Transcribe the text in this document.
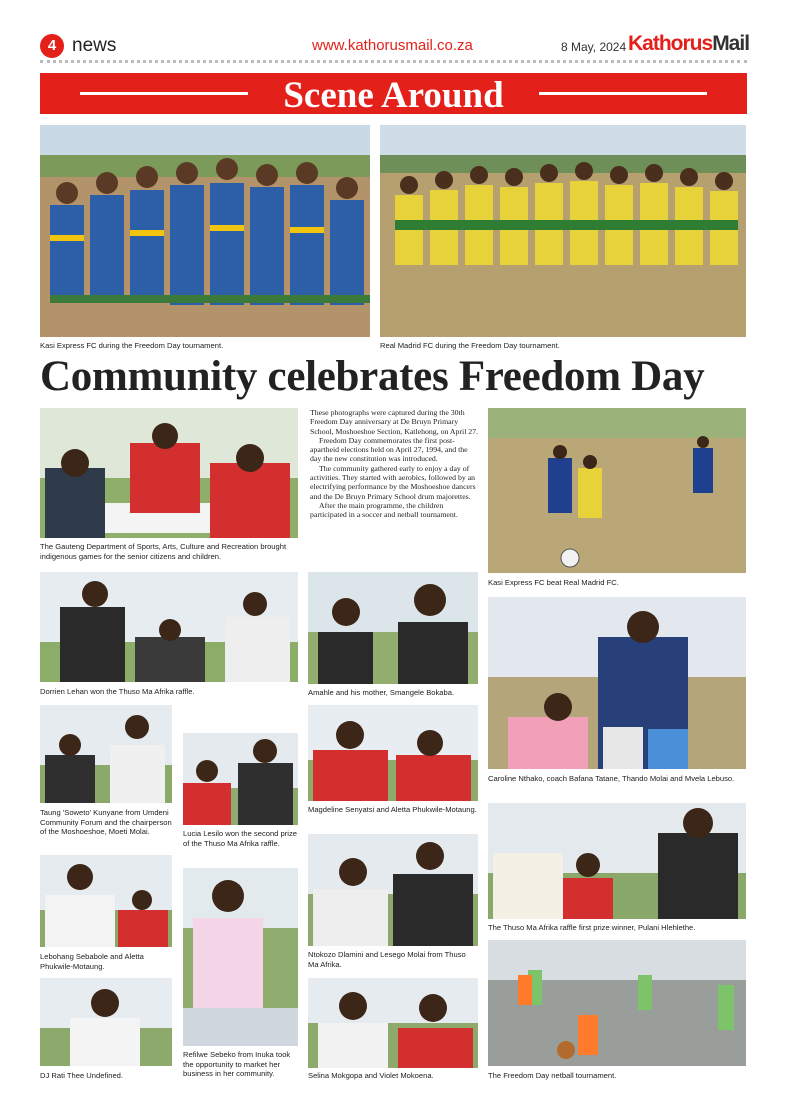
4 news	www.kathorusmail.co.za	8 May, 2024 KathorusMail
Scene Around
Kasi Express FC during the Freedom Day tournament.	Real Madrid FC during the Freedom Day tournament.
Community celebrates Freedom Day
The Gauteng Department of Sports, Arts, Culture and Recreation brought indigenous games for the senior citizens and children.

These photographs were captured during the 30th Freedom Day anniversary at De Bruyn Primary School, Moshoeshoe Section, Katlehong, on April 27.

Freedom Day commemorates the first post-apartheid elections held on April 27, 1994, and the day the new constitution was introduced.

The community gathered early to enjoy a day of activities. They started with aerobics, followed by an electrifying performance by the Moshoeshoe dancers and the De Bruyn Primary School drum majorettes.

After the main programme, the children participated in a soccer and netball tournament.

Kasi Express FC beat Real Madrid FC.
Dorrien Lehan won the Thuso Ma Afrika raffle.	Amahle and his mother, Smangele Bokaba.
Caroline Nthako, coach Bafana Tatane, Thando Molai and Mvela Lebuso.
Taung 'Soweto' Kunyane from Umdeni Community Forum and the chairperson of the Moshoeshoe, Moeti Molai.	Lucia Lesilo won the second prize of the Thuso Ma Afrika raffle.
Magdeline Senyatsi and Aletta Phukwile-Motaung.
The Thuso Ma Afrika raffle first prize winner, Pulani Hlehlethe.
Lebohang Sebabole and Aletta Phukwile-Motaung.
Refilwe Sebeko from Inuka took the opportunity to market her business in her community.
Ntokozo Dlamini and Lesego Molai from Thuso Ma Afrika.
The Freedom Day netball tournament.
DJ Rati Thee Undefined.	Selina Mokgopa and Violet Mokoena.
